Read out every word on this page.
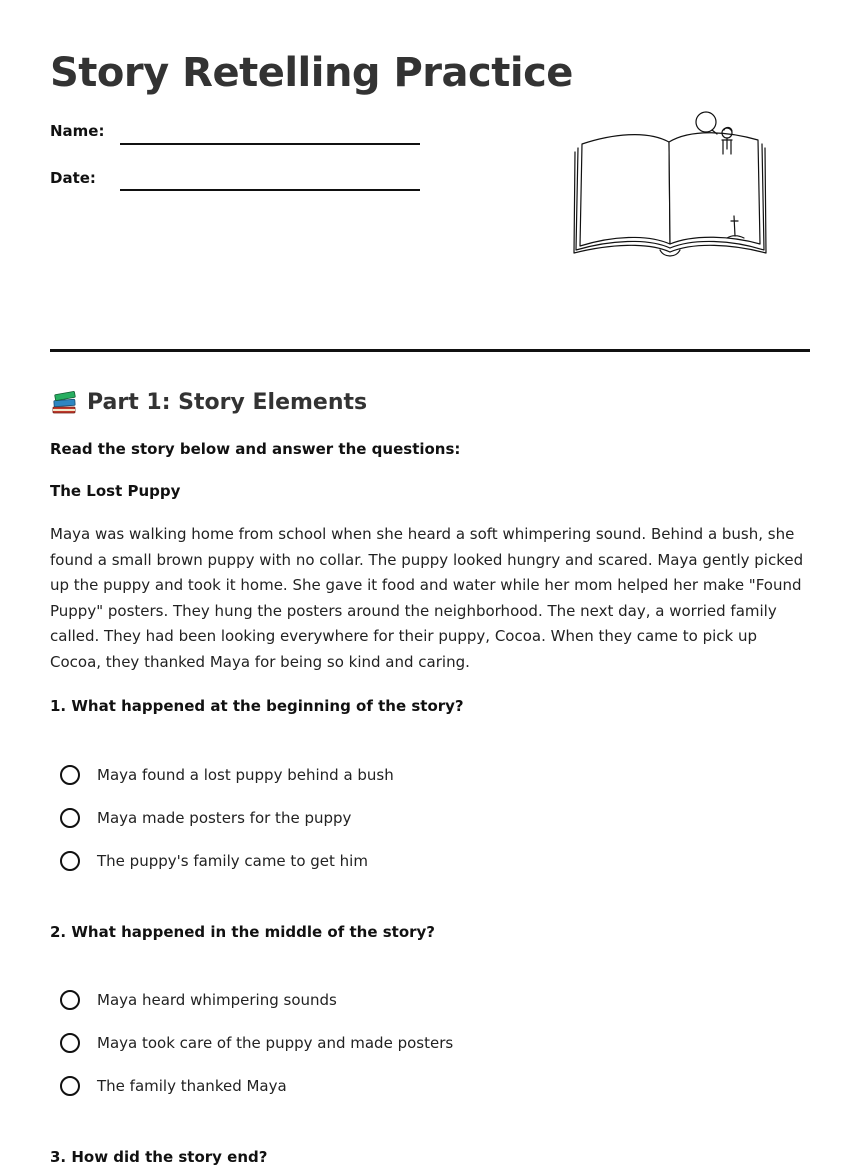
Story Retelling Practice
Name:
Date:
Part 1: Story Elements
Read the story below and answer the questions:
The Lost Puppy

Maya was walking home from school when she heard a soft whimpering sound. Behind a bush, she found a small brown puppy with no collar. The puppy looked hungry and scared. Maya gently picked up the puppy and took it home. She gave it food and water while her mom helped her make "Found Puppy" posters. They hung the posters around the neighborhood. The next day, a worried family called. They had been looking everywhere for their puppy, Cocoa. When they came to pick up Cocoa, they thanked Maya for being so kind and caring.

1. What happened at the beginning of the story?
Maya found a lost puppy behind a bush
Maya made posters for the puppy
The puppy's family came to get him
2. What happened in the middle of the story?
Maya heard whimpering sounds
Maya took care of the puppy and made posters
The family thanked Maya
3. How did the story end?
